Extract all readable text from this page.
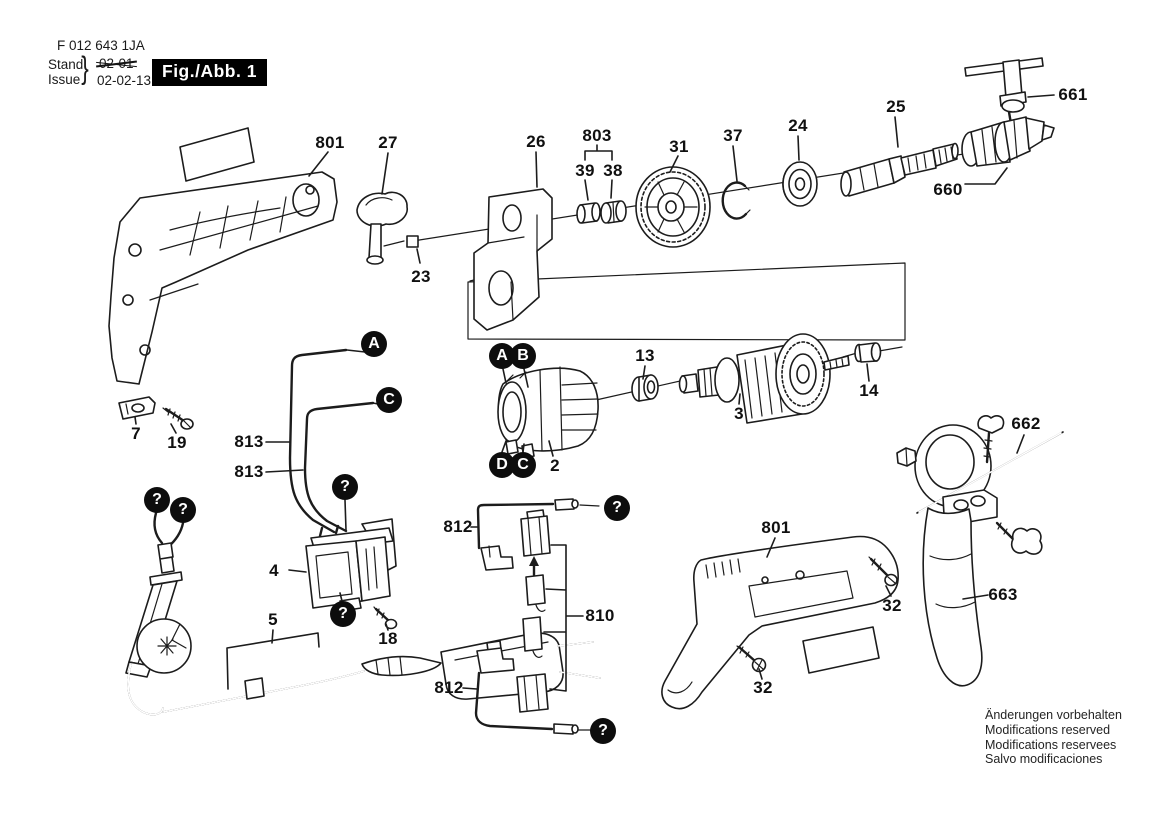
F 012 643 1JA
Stand
Issue } 02-01
02-02-13 Fig./Abb. 1
801 27	26 803
39 38
31
37
24
25
661
660
23
13
3
14
2
813
813
7 19
4
5
18
812
812
810
801
32
32
662
663
A
C
A B
D C
?
?
?
?
?
?
Änderungen vorbehalten
Modifications reserved
Modifications reservees
Salvo modificaciones
